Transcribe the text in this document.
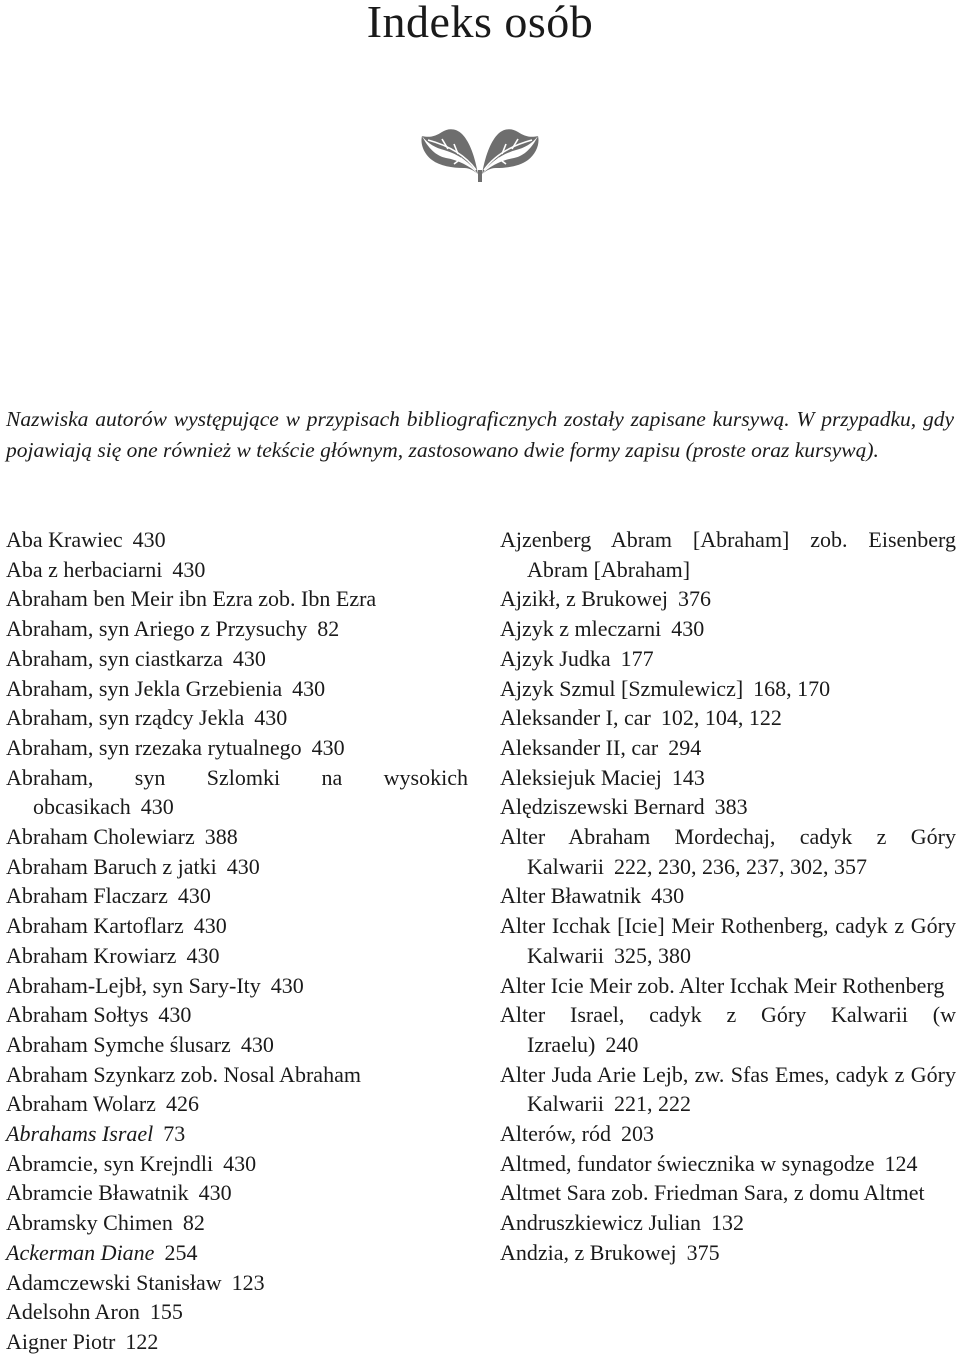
Indeks osób

Nazwiska autorów występujące w przypisach bibliograficznych zostały zapisane kursywą. W przypadku, gdy pojawiają się one również w tekście głównym, zastosowano dwie formy zapisu (proste oraz kursywą).

Aba Krawiec 430
Aba z herbaciarni 430
Abraham ben Meir ibn Ezra zob. Ibn Ezra
Abraham, syn Ariego z Przysuchy 82
Abraham, syn ciastkarza 430
Abraham, syn Jekla Grzebienia 430
Abraham, syn rządcy Jekla 430
Abraham, syn rzezaka rytualnego 430
Abraham, syn Szlomki na wysokich obcasikach 430
Abraham Cholewiarz 388
Abraham Baruch z jatki 430
Abraham Flaczarz 430
Abraham Kartoflarz 430
Abraham Krowiarz 430
Abraham-Lejbł, syn Sary-Ity 430
Abraham Sołtys 430
Abraham Symche ślusarz 430
Abraham Szynkarz zob. Nosal Abraham
Abraham Wolarz 426
Abrahams Israel 73
Abramcie, syn Krejndli 430
Abramcie Bławatnik 430
Abramsky Chimen 82
Ackerman Diane 254
Adamczewski Stanisław 123
Adelsohn Aron 155
Aigner Piotr 122
Ajzenberg Abram [Abraham] zob. Eisenberg Abram [Abraham]
Ajzikł, z Brukowej 376
Ajzyk z mleczarni 430
Ajzyk Judka 177
Ajzyk Szmul [Szmulewicz] 168, 170
Aleksander I, car 102, 104, 122
Aleksander II, car 294
Aleksiejuk Maciej 143
Alędziszewski Bernard 383
Alter Abraham Mordechaj, cadyk z Góry Kalwarii 222, 230, 236, 237, 302, 357
Alter Bławatnik 430
Alter Icchak [Icie] Meir Rothenberg, cadyk z Góry Kalwarii 325, 380
Alter Icie Meir zob. Alter Icchak Meir Rothenberg
Alter Israel, cadyk z Góry Kalwarii (w Izraelu) 240
Alter Juda Arie Lejb, zw. Sfas Emes, cadyk z Góry Kalwarii 221, 222
Alterów, ród 203
Altmed, fundator świecznika w synagodze 124
Altmet Sara zob. Friedman Sara, z domu Altmet
Andruszkiewicz Julian 132
Andzia, z Brukowej 375
